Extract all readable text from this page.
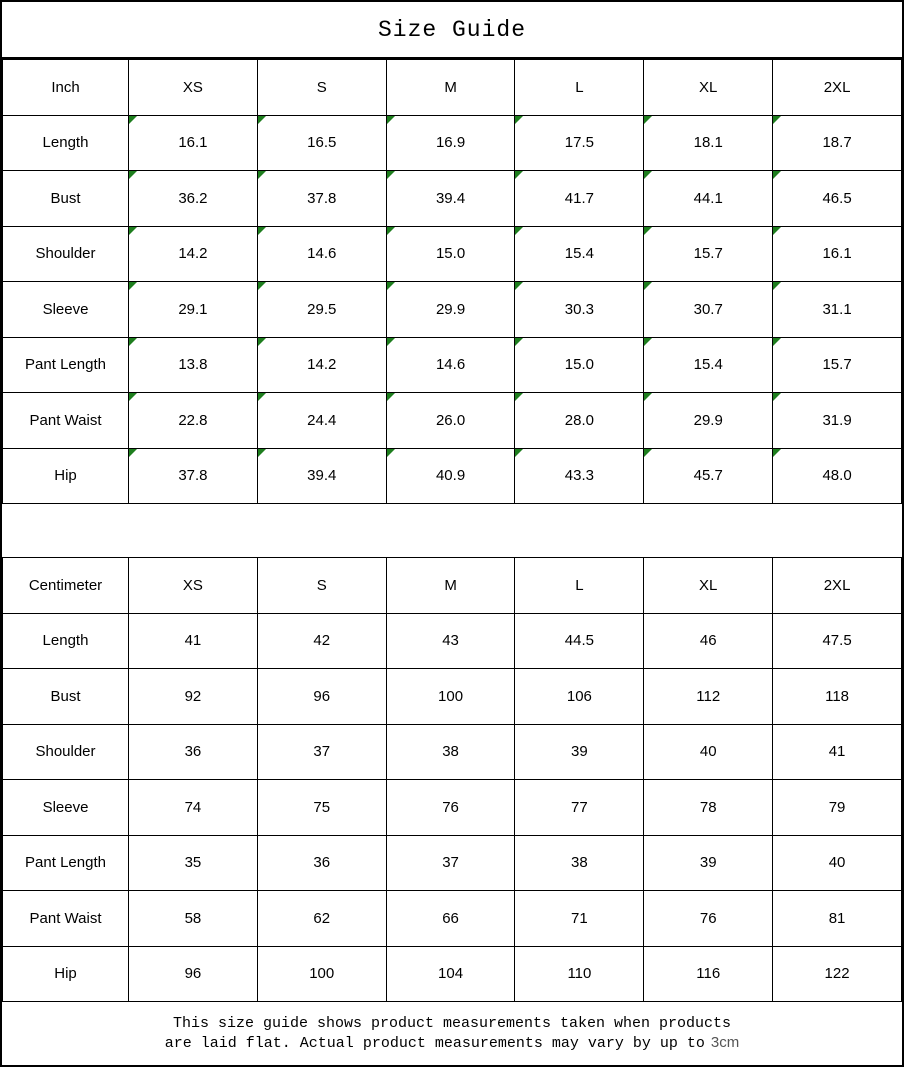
Size Guide
Inch	XS	S	M	L	XL	2XL
Length	16.1	16.5	16.9	17.5	18.1	18.7
Bust	36.2	37.8	39.4	41.7	44.1	46.5
Shoulder	14.2	14.6	15.0	15.4	15.7	16.1
Sleeve	29.1	29.5	29.9	30.3	30.7	31.1
Pant Length	13.8	14.2	14.6	15.0	15.4	15.7
Pant Waist	22.8	24.4	26.0	28.0	29.9	31.9
Hip	37.8	39.4	40.9	43.3	45.7	48.0
Centimeter	XS	S	M	L	XL	2XL
Length	41	42	43	44.5	46	47.5
Bust	92	96	100	106	112	118
Shoulder	36	37	38	39	40	41
Sleeve	74	75	76	77	78	79
Pant Length	35	36	37	38	39	40
Pant Waist	58	62	66	71	76	81
Hip	96	100	104	110	116	122
This size guide shows product measurements taken when products
are laid flat. Actual product measurements may vary by up to 3cm
